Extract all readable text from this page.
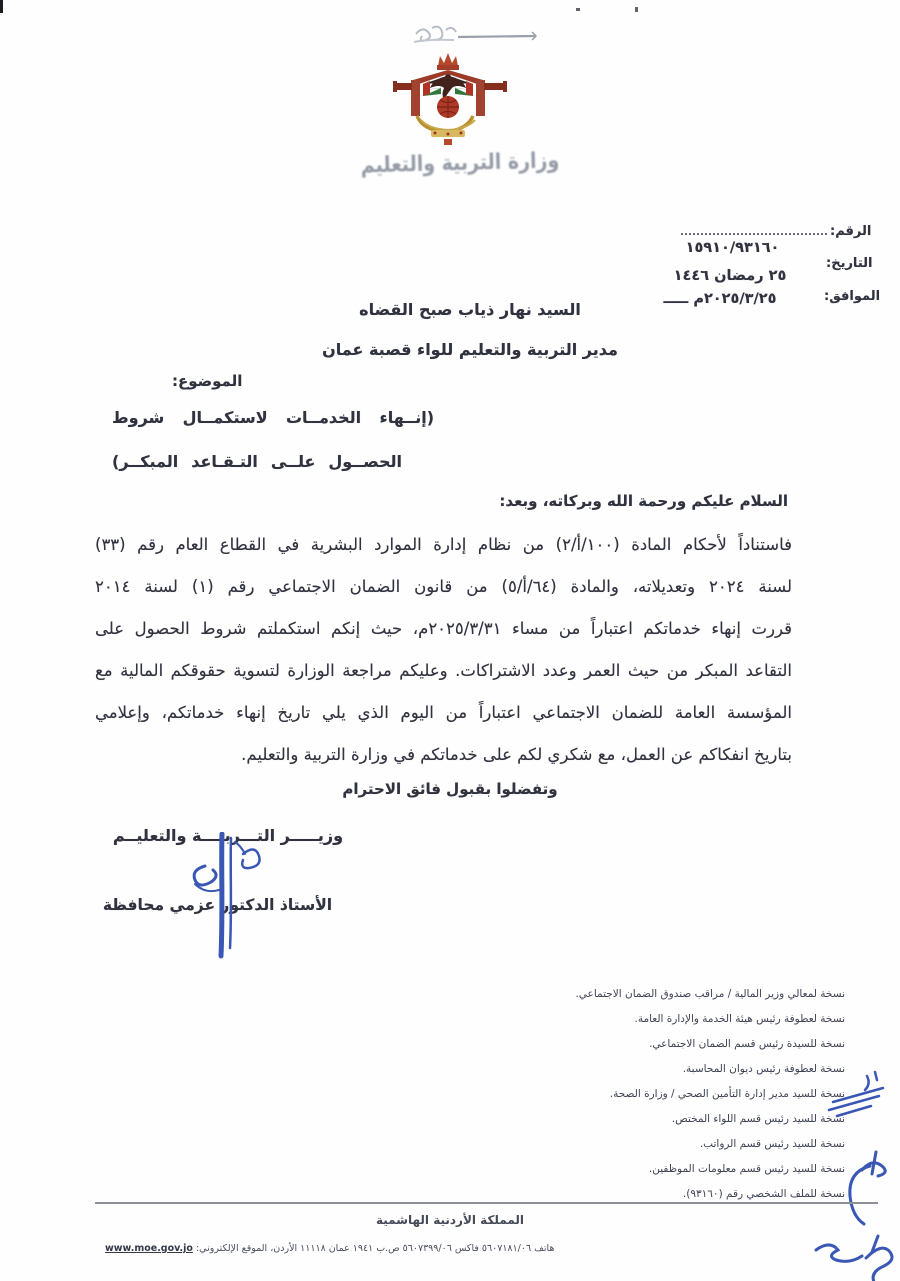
وزارة التربية والتعليم
الرقم:
١٥٩١٠/٩٣١٦٠
التاريخ:
٢٥ رمضان ١٤٤٦
الموافق:
٢٠٢٥/٣/٢٥م ـــــ
السيد نهار ذياب صبح القضاه
مدير التربية والتعليم للواء قصبة عمان
الموضوع:
(إنــهاء الخدمــات لاستكمــال شروط
الحصــول علــى التـقـاعد المبكــر)
السلام عليكم ورحمة الله وبركاته، وبعد:
فاستناداً لأحكام المادة (١٠٠/أ/٢) من نظام إدارة الموارد البشرية في القطاع العام رقم (٣٣)
لسنة ٢٠٢٤ وتعديلاته، والمادة (٦٤/أ/٥) من قانون الضمان الاجتماعي رقم (١) لسنة ٢٠١٤
قررت إنهاء خدماتكم اعتباراً من مساء ٢٠٢٥/٣/٣١م، حيث إنكم استكملتم شروط الحصول على
التقاعد المبكر من حيث العمر وعدد الاشتراكات. وعليكم مراجعة الوزارة لتسوية حقوقكم المالية مع
المؤسسة العامة للضمان الاجتماعي اعتباراً من اليوم الذي يلي تاريخ إنهاء خدماتكم، وإعلامي
بتاريخ انفكاكم عن العمل، مع شكري لكم على خدماتكم في وزارة التربية والتعليم.
وتفضلوا بقبول فائق الاحترام
وزيـــــر التـــربيـــة والتعليــم
الأستاذ الدكتور عزمي محافظة
نسخة لمعالي وزير المالية / مراقب صندوق الضمان الاجتماعي.
نسخة لعطوفة رئيس هيئة الخدمة والإدارة العامة.
نسخة للسيدة رئيس قسم الضمان الاجتماعي.
نسخة لعطوفة رئيس ديوان المحاسبة.
نسخة للسيد مدير إدارة التأمين الصحي / وزارة الصحة.
نسخة للسيد رئيس قسم اللواء المختص.
نسخة للسيد رئيس قسم الرواتب.
نسخة للسيد رئيس قسم معلومات الموظفين.
نسخة للملف الشخصي رقم (٩٣١٦٠).
المملكة الأردنية الهاشمية
هاتف ٥٦٠٧١٨١/٠٦ فاكس ٥٦٠٧٣٩٩/٠٦ ص.ب ١٩٤١ عمان ١١١١٨ الأردن، الموقع الإلكتروني: www.moe.gov.jo
